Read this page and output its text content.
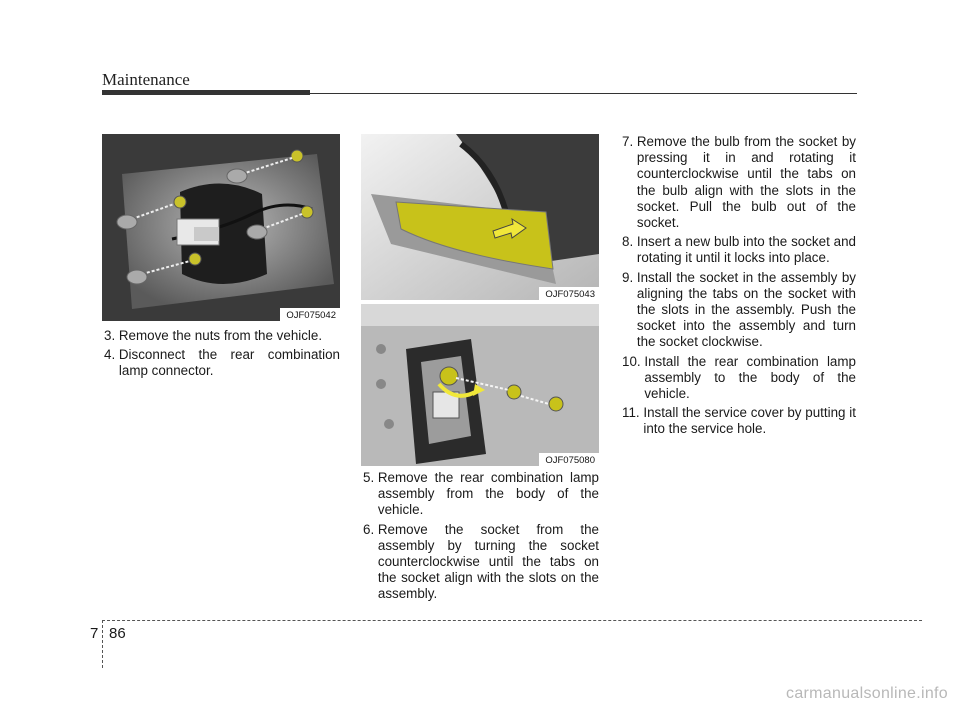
Maintenance
OJF075042
OJF075043
OJF075080
3. Remove the nuts from the vehicle.
4. Disconnect the rear combination lamp connector.
5. Remove the rear combination lamp assembly from the body of the vehicle.
6. Remove the socket from the assembly by turning the socket counterclockwise until the tabs on the socket align with the slots on the assembly.
7. Remove the bulb from the socket by pressing it in and rotating it counterclockwise until the tabs on the bulb align with the slots in the socket. Pull the bulb out of the socket.
8. Insert a new bulb into the socket and rotating it until it locks into place.
9. Install the socket in the assembly by aligning the tabs on the socket with the slots in the assembly. Push the socket into the assembly and turn the socket clockwise.
10. Install the rear combination lamp assembly to the body of the vehicle.
11. Install the service cover by putting it into the service hole.
7 86
carmanualsonline.info
